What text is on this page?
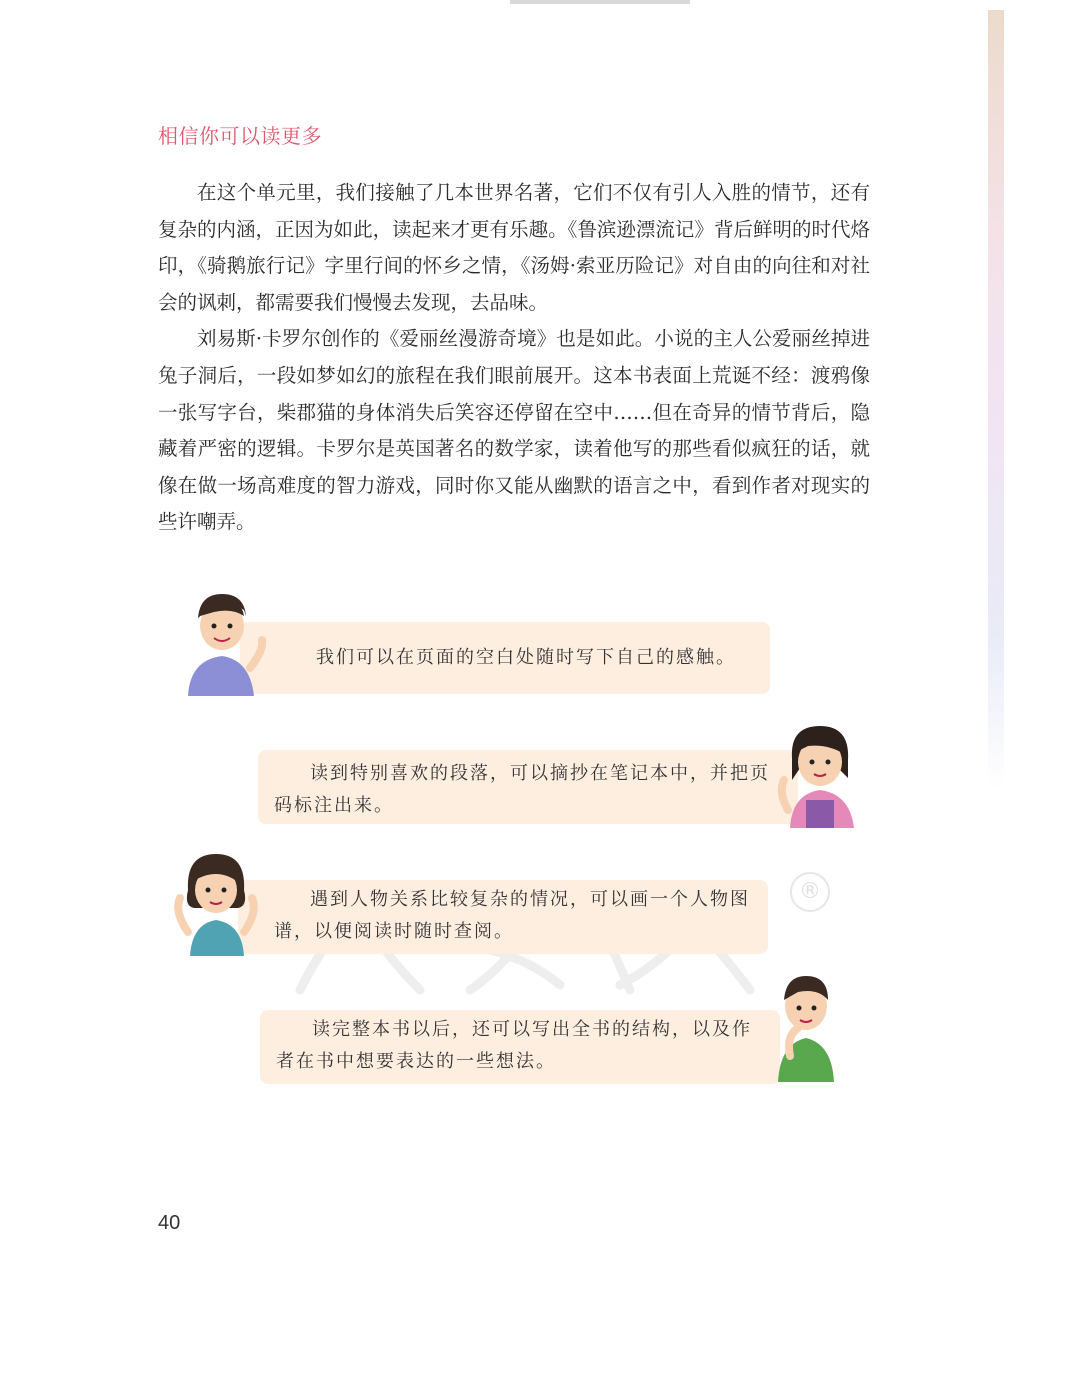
相信你可以读更多

在这个单元里，我们接触了几本世界名著，它们不仅有引人入胜的情节，还有复杂的内涵，正因为如此，读起来才更有乐趣。《鲁滨逊漂流记》背后鲜明的时代烙印，《骑鹅旅行记》字里行间的怀乡之情，《汤姆·索亚历险记》对自由的向往和对社会的讽刺，都需要我们慢慢去发现，去品味。

刘易斯·卡罗尔创作的《爱丽丝漫游奇境》也是如此。小说的主人公爱丽丝掉进兔子洞后，一段如梦如幻的旅程在我们眼前展开。这本书表面上荒诞不经：渡鸦像一张写字台，柴郡猫的身体消失后笑容还停留在空中……但在奇异的情节背后，隐藏着严密的逻辑。卡罗尔是英国著名的数学家，读着他写的那些看似疯狂的话，就像在做一场高难度的智力游戏，同时你又能从幽默的语言之中，看到作者对现实的些许嘲弄。

®

我们可以在页面的空白处随时写下自己的感触。

读到特别喜欢的段落，可以摘抄在笔记本中，并把页码标注出来。

遇到人物关系比较复杂的情况，可以画一个人物图谱，以便阅读时随时查阅。

读完整本书以后，还可以写出全书的结构，以及作者在书中想要表达的一些想法。

40
